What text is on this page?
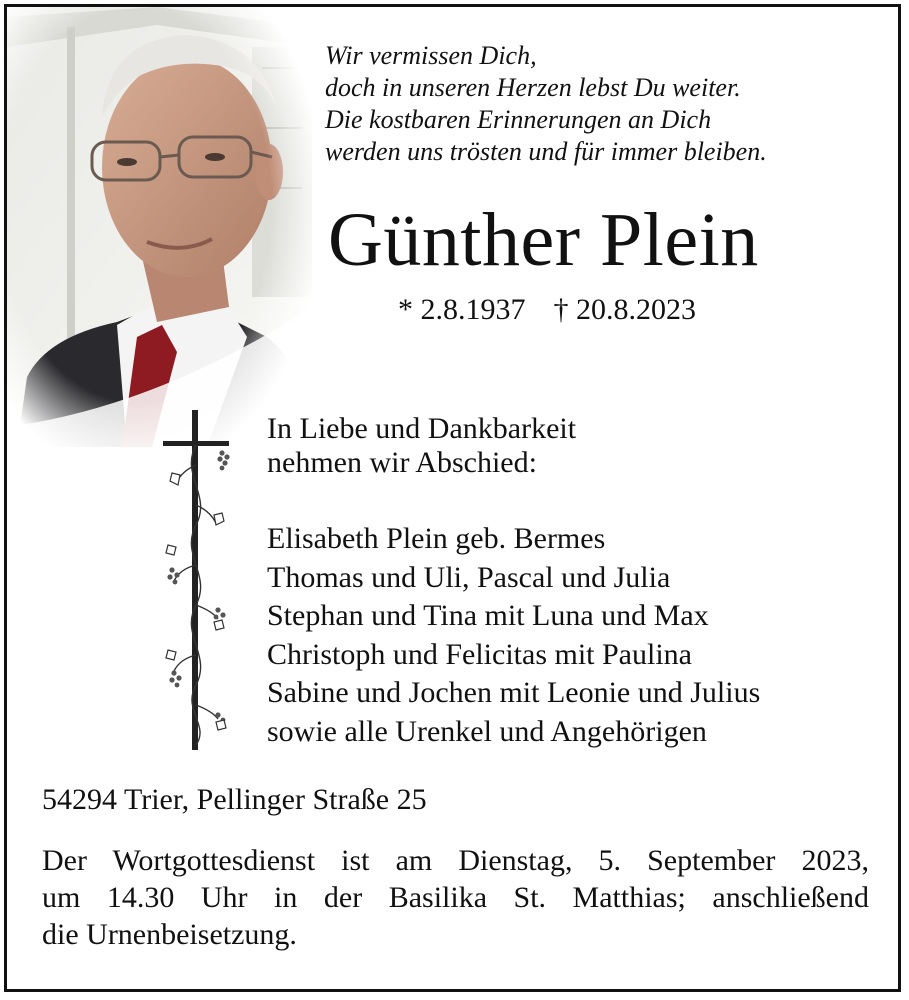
Wir vermissen Dich,
doch in unseren Herzen lebst Du weiter.
Die kostbaren Erinnerungen an Dich
werden uns trösten und für immer bleiben.
Günther Plein
* 2.8.1937 † 20.8.2023
In Liebe und Dankbarkeit
nehmen wir Abschied:
Elisabeth Plein geb. Bermes
Thomas und Uli, Pascal und Julia
Stephan und Tina mit Luna und Max
Christoph und Felicitas mit Paulina
Sabine und Jochen mit Leonie und Julius
sowie alle Urenkel und Angehörigen
54294 Trier, Pellinger Straße 25
Der Wortgottesdienst ist am Dienstag, 5. September 2023,
um 14.30 Uhr in der Basilika St. Matthias; anschließend
die Urnenbeisetzung.
